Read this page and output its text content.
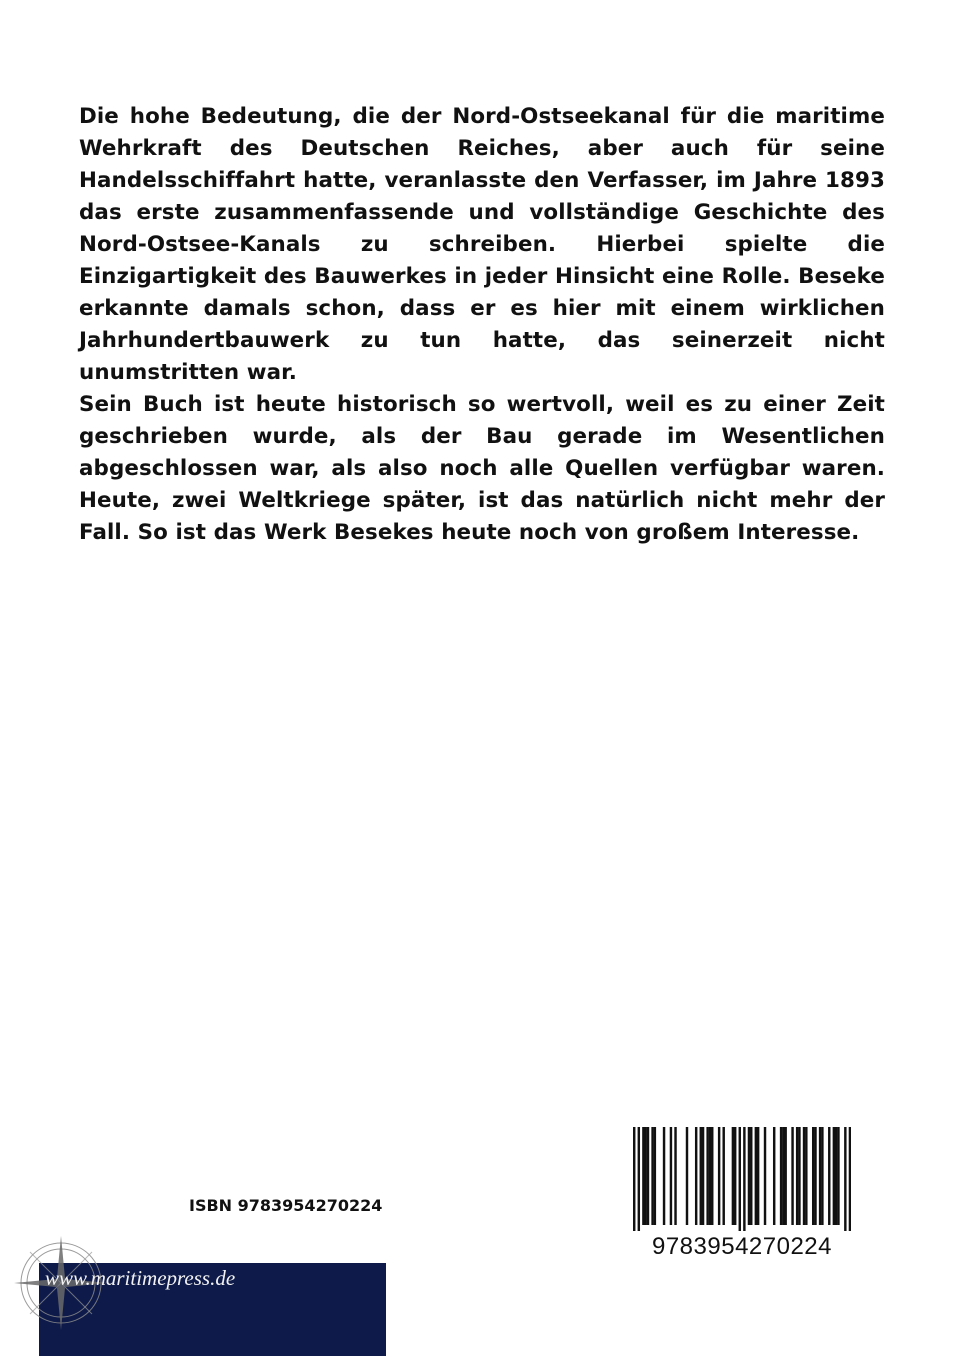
Die hohe Bedeutung, die der Nord-Ostseekanal für die maritime Wehrkraft des Deutschen Reiches, aber auch für seine Handelsschiffahrt hatte, veranlasste den Verfasser, im Jahre 1893 das erste zusammenfassende und vollständige Geschichte des Nord-Ostsee-Kanals zu schreiben. Hierbei spielte die Einzigartigkeit des Bauwerkes in jeder Hinsicht eine Rolle. Beseke erkannte damals schon, dass er es hier mit einem wirklichen Jahrhundertbauwerk zu tun hatte, das seinerzeit nicht unumstritten war.

Sein Buch ist heute historisch so wertvoll, weil es zu einer Zeit geschrieben wurde, als der Bau gerade im Wesentlichen abgeschlossen war, als also noch alle Quellen verfügbar waren. Heute, zwei Weltkriege später, ist das natürlich nicht mehr der Fall. So ist das Werk Besekes heute noch von großem Interesse.

ISBN 9783954270224
9783954270224
www.maritimepress.de
